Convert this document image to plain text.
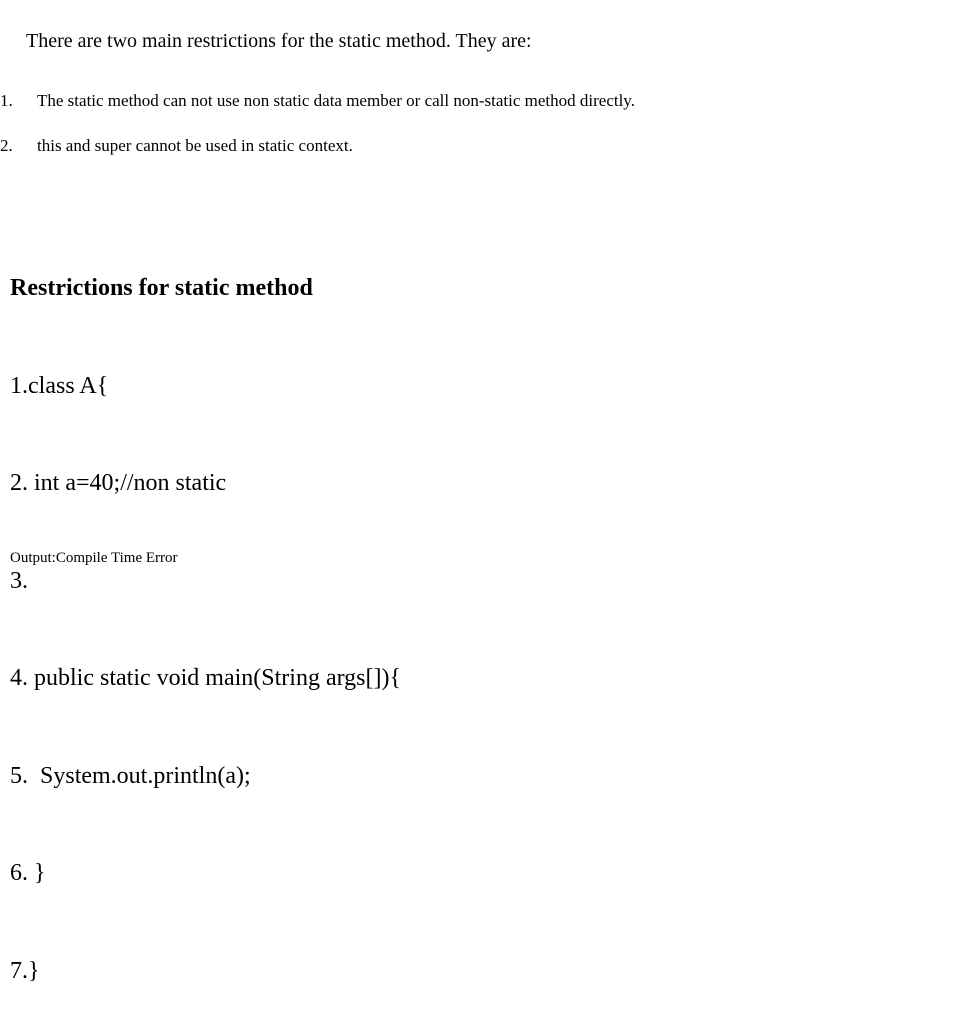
There are two main restrictions for the static method. They are:
1. The static method can not use non static data member or call non-static method directly.
2. this and super cannot be used in static context.

Restrictions for static method

1.class A{

2. int a=40;//non static

3.

4. public static void main(String args[]){

5.  System.out.println(a);

6. }

7.}

Output:Compile Time Error
